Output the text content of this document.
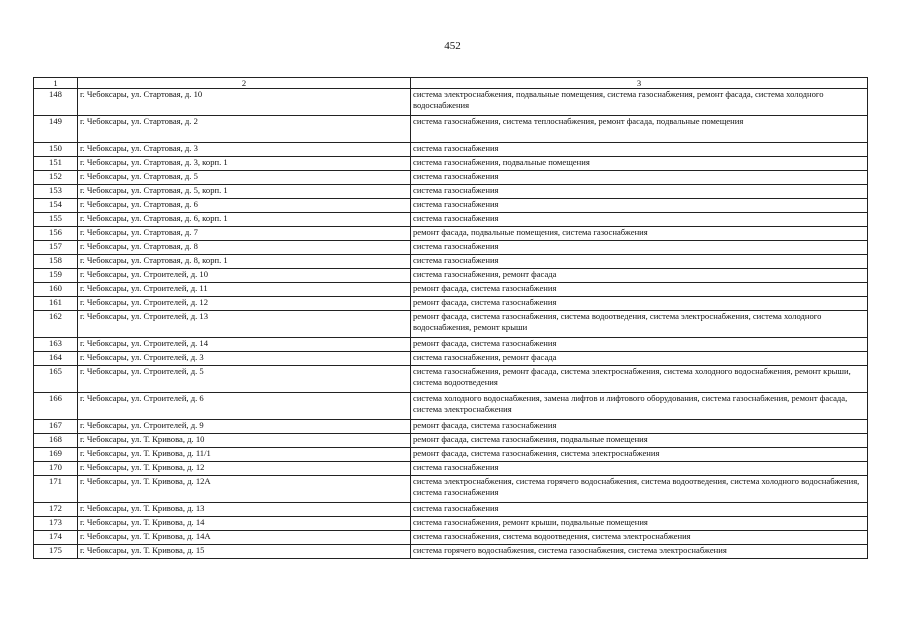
452
1	2	3
148	г. Чебоксары, ул. Стартовая, д. 10	система электроснабжения, подвальные помещения, система газоснабжения, ремонт фасада, система холодного водоснабжения
149	г. Чебоксары, ул. Стартовая, д. 2	система газоснабжения, система теплоснабжения, ремонт фасада, подвальные помещения
150	г. Чебоксары, ул. Стартовая, д. 3	система газоснабжения
151	г. Чебоксары, ул. Стартовая, д. 3, корп. 1	система газоснабжения, подвальные помещения
152	г. Чебоксары, ул. Стартовая, д. 5	система газоснабжения
153	г. Чебоксары, ул. Стартовая, д. 5, корп. 1	система газоснабжения
154	г. Чебоксары, ул. Стартовая, д. 6	система газоснабжения
155	г. Чебоксары, ул. Стартовая, д. 6, корп. 1	система газоснабжения
156	г. Чебоксары, ул. Стартовая, д. 7	ремонт фасада, подвальные помещения, система газоснабжения
157	г. Чебоксары, ул. Стартовая, д. 8	система газоснабжения
158	г. Чебоксары, ул. Стартовая, д. 8, корп. 1	система газоснабжения
159	г. Чебоксары, ул. Строителей, д. 10	система газоснабжения, ремонт фасада
160	г. Чебоксары, ул. Строителей, д. 11	ремонт фасада, система газоснабжения
161	г. Чебоксары, ул. Строителей, д. 12	ремонт фасада, система газоснабжения
162	г. Чебоксары, ул. Строителей, д. 13	ремонт фасада, система газоснабжения, система водоотведения, система электроснабжения, система холодного водоснабжения, ремонт крыши
163	г. Чебоксары, ул. Строителей, д. 14	ремонт фасада, система газоснабжения
164	г. Чебоксары, ул. Строителей, д. 3	система газоснабжения, ремонт фасада
165	г. Чебоксары, ул. Строителей, д. 5	система газоснабжения, ремонт фасада, система электроснабжения, система холодного водоснабжения, ремонт крыши, система водоотведения
166	г. Чебоксары, ул. Строителей, д. 6	система холодного водоснабжения, замена лифтов и лифтового оборудования, система газоснабжения, ремонт фасада, система электроснабжения
167	г. Чебоксары, ул. Строителей, д. 9	ремонт фасада, система газоснабжения
168	г. Чебоксары, ул. Т. Кривова, д. 10	ремонт фасада, система газоснабжения, подвальные помещения
169	г. Чебоксары, ул. Т. Кривова, д. 11/1	ремонт фасада, система газоснабжения, система электроснабжения
170	г. Чебоксары, ул. Т. Кривова, д. 12	система газоснабжения
171	г. Чебоксары, ул. Т. Кривова, д. 12А	система электроснабжения, система горячего водоснабжения, система водоотведения, система холодного водоснабжения, система газоснабжения
172	г. Чебоксары, ул. Т. Кривова, д. 13	система газоснабжения
173	г. Чебоксары, ул. Т. Кривова, д. 14	система газоснабжения, ремонт крыши, подвальные помещения
174	г. Чебоксары, ул. Т. Кривова, д. 14А	система газоснабжения, система водоотведения, система электроснабжения
175	г. Чебоксары, ул. Т. Кривова, д. 15	система горячего водоснабжения, система газоснабжения, система электроснабжения
